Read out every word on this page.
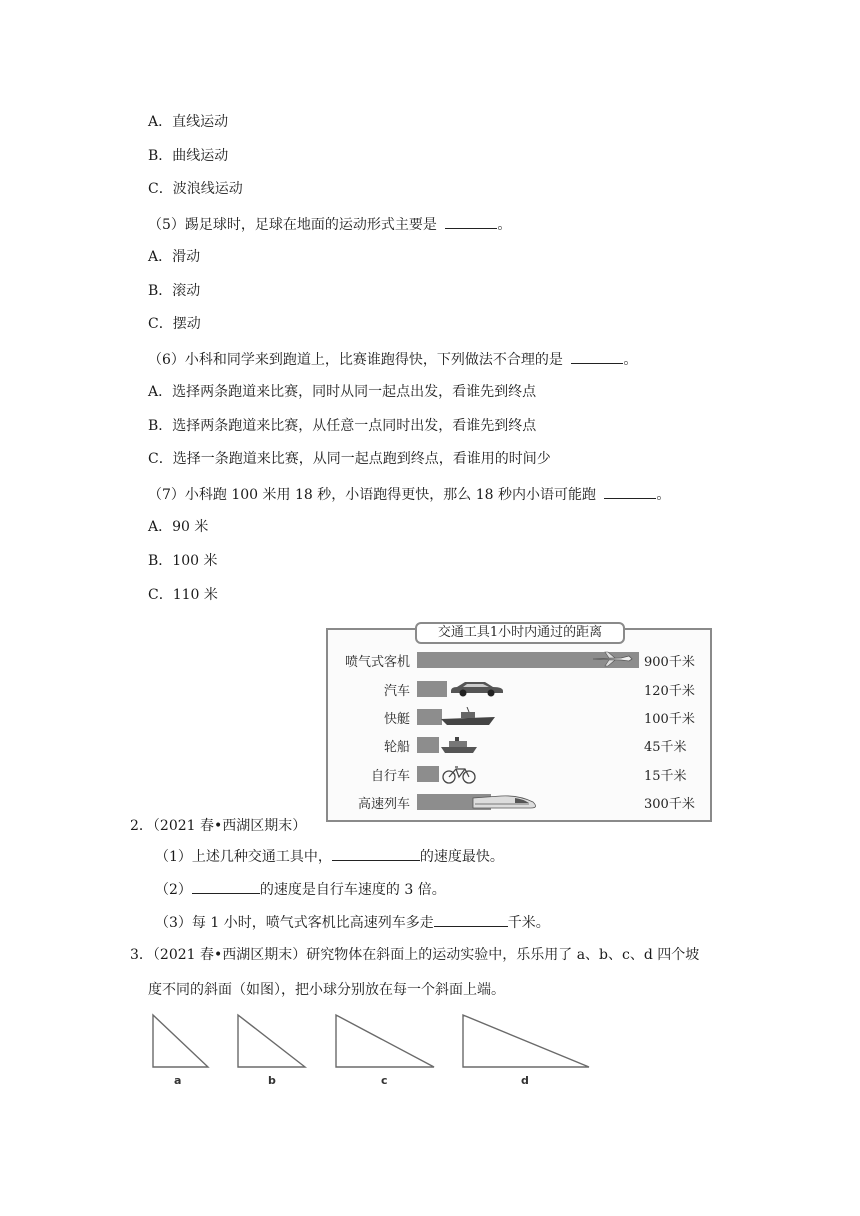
A．直线运动
B．曲线运动
C．波浪线运动
（5）踢足球时，足球在地面的运动形式主要是	。
A．滑动
B．滚动
C．摆动
（6）小科和同学来到跑道上，比赛谁跑得快，下列做法不合理的是	。
A．选择两条跑道来比赛，同时从同一起点出发，看谁先到终点
B．选择两条跑道来比赛，从任意一点同时出发，看谁先到终点
C．选择一条跑道来比赛，从同一起点跑到终点，看谁用的时间少
（7）小科跑 100 米用 18 秒，小语跑得更快，那么 18 秒内小语可能跑	。
A．90 米
B．100 米
C．110 米
交通工具1小时内通过的距离
喷气式客机	900千米
汽车	120千米
快艇	100千米
轮船	45千米
自行车	15千米
高速列车	300千米
2．（2021 春•西湖区期末）
（1）上述几种交通工具中，	的速度最快。
（2）	的速度是自行车速度的 3 倍。
（3）每 1 小时，喷气式客机比高速列车多走	千米。
3．（2021 春•西湖区期末）研究物体在斜面上的运动实验中，乐乐用了 a、b、c、d 四个坡
度不同的斜面（如图），把小球分别放在每一个斜面上端。
a	b	c	d
